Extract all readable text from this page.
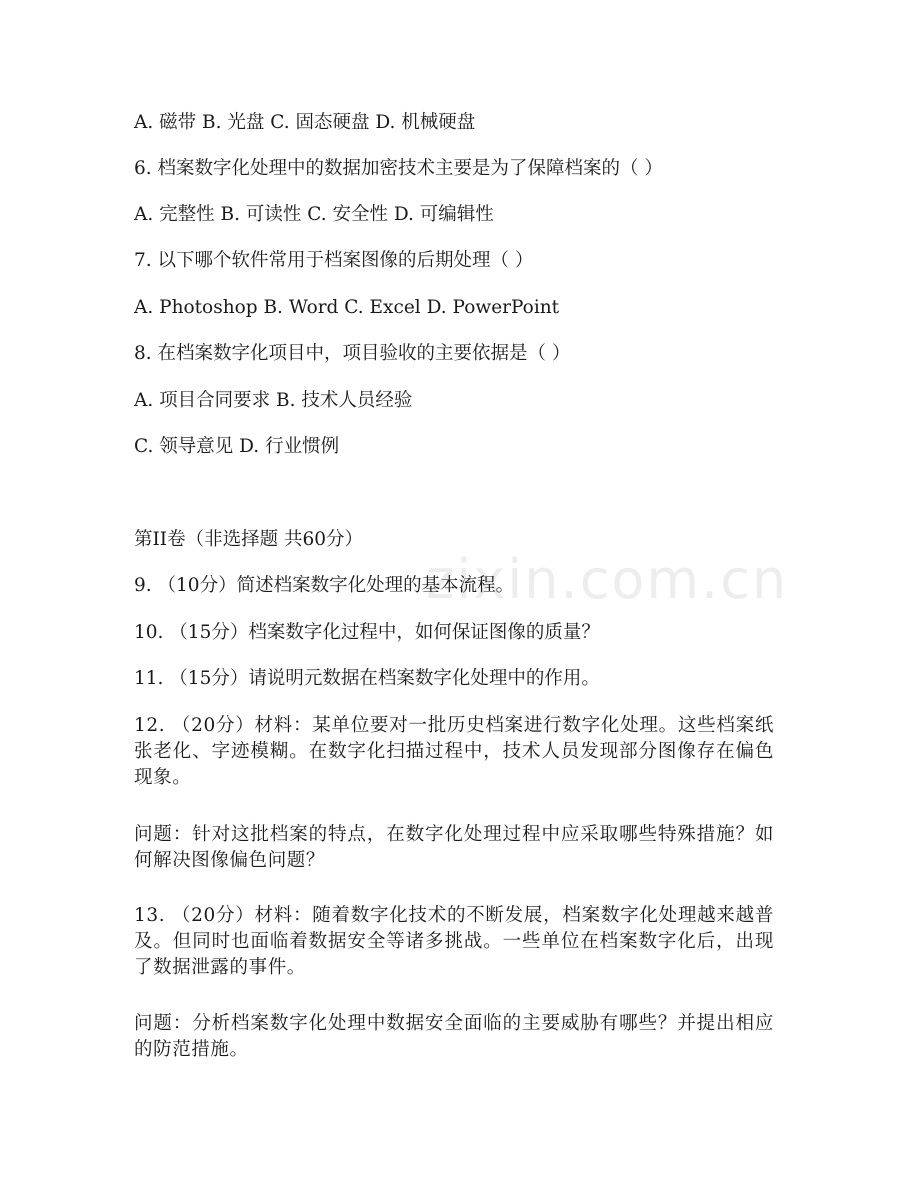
zixin.com.cn
A. 磁带 B. 光盘 C. 固态硬盘 D. 机械硬盘
6. 档案数字化处理中的数据加密技术主要是为了保障档案的（ ）
A. 完整性 B. 可读性 C. 安全性 D. 可编辑性
7. 以下哪个软件常用于档案图像的后期处理（ ）
A. Photoshop B. Word C. Excel D. PowerPoint
8. 在档案数字化项目中，项目验收的主要依据是（ ）
A. 项目合同要求 B. 技术人员经验
C. 领导意见 D. 行业惯例
第II卷（非选择题 共60分）
9. （10分）简述档案数字化处理的基本流程。
10. （15分）档案数字化过程中，如何保证图像的质量？
11. （15分）请说明元数据在档案数字化处理中的作用。
12. （20分）材料：某单位要对一批历史档案进行数字化处理。这些档案纸张老化、字迹模糊。在数字化扫描过程中，技术人员发现部分图像存在偏色现象。
问题：针对这批档案的特点，在数字化处理过程中应采取哪些特殊措施？如何解决图像偏色问题？
13. （20分）材料：随着数字化技术的不断发展，档案数字化处理越来越普及。但同时也面临着数据安全等诸多挑战。一些单位在档案数字化后，出现了数据泄露的事件。
问题：分析档案数字化处理中数据安全面临的主要威胁有哪些？并提出相应的防范措施。
